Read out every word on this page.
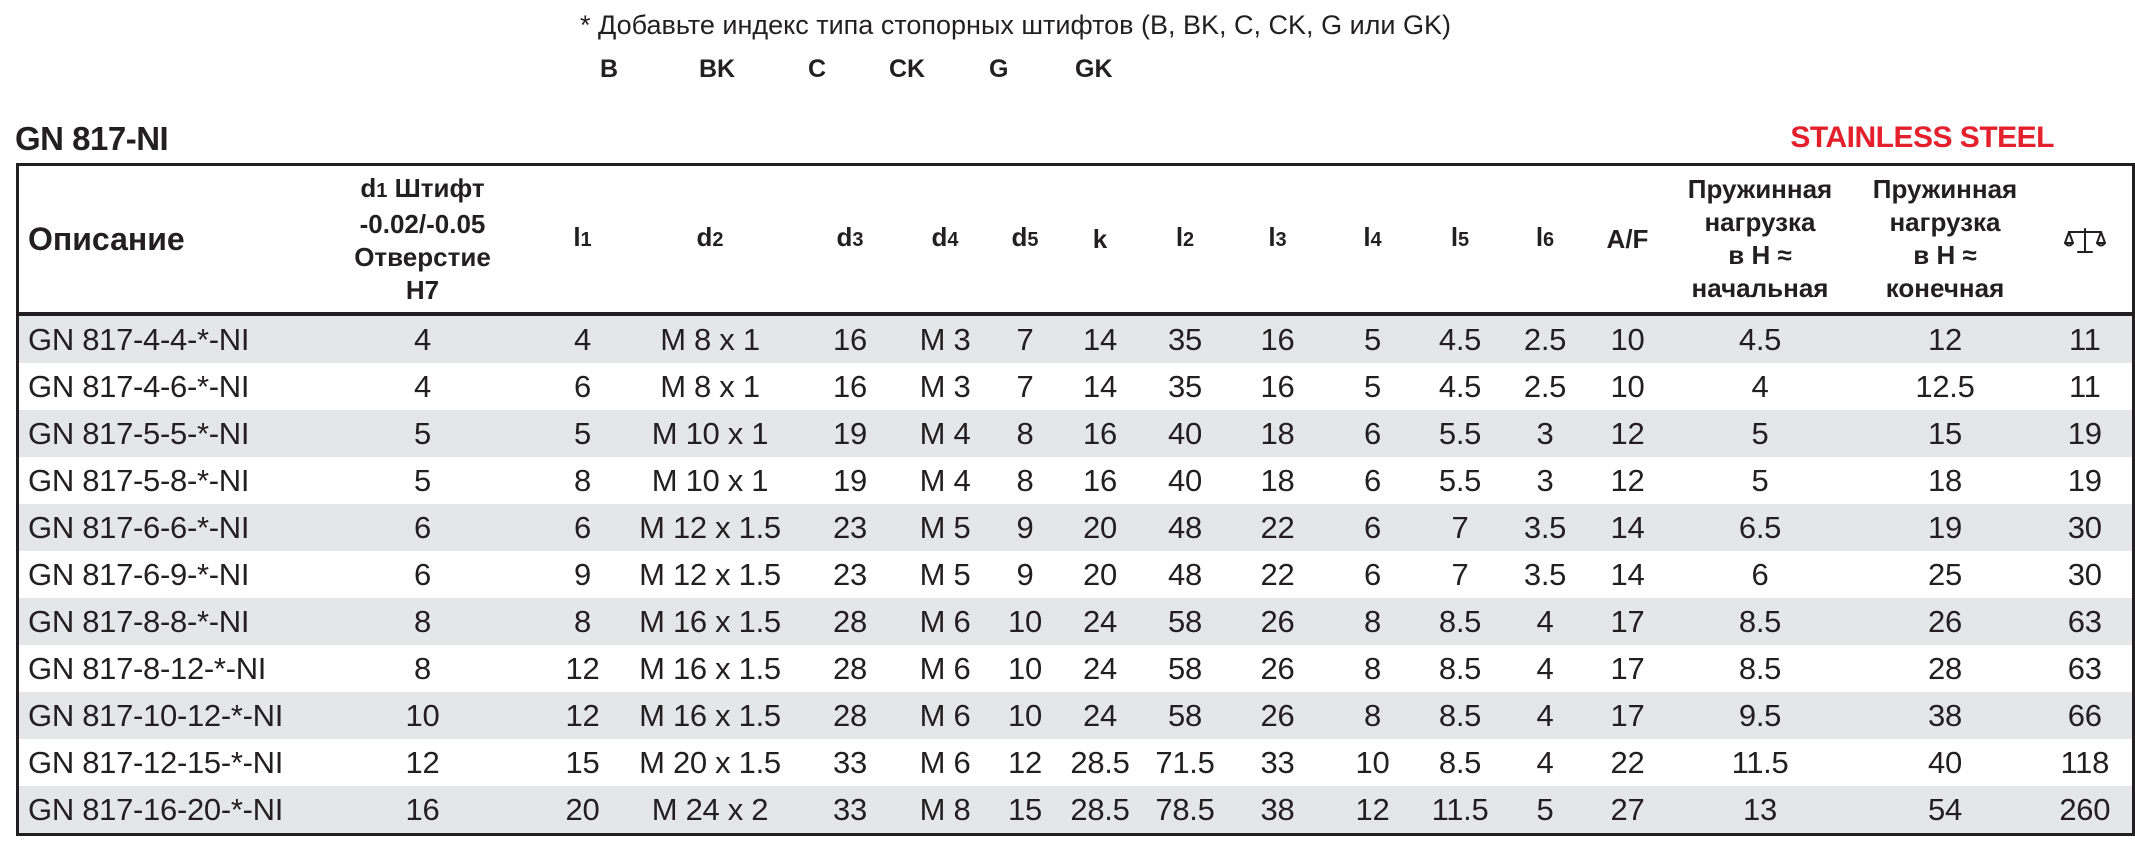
* Добавьте индекс типа стопорных штифтов (B, BK, C, CK, G или GK)
B	BK	C	CK	G	GK
GN 817-NI	STAINLESS STEEL
Описание	d1 Штифт
-0.02/-0.05
Отверстие
H7	l1	d2	d3	d4	d5	k	l2	l3	l4	l5	l6	A/F	Пружинная
нагрузка
в Н ≈
начальная	Пружинная
нагрузка
в Н ≈
конечная	
GN 817-4-4-*-NI	4	4	M 8 x 1	16	M 3	7	14	35	16	5	4.5	2.5	10	4.5	12	11
GN 817-4-6-*-NI	4	6	M 8 x 1	16	M 3	7	14	35	16	5	4.5	2.5	10	4	12.5	11
GN 817-5-5-*-NI	5	5	M 10 x 1	19	M 4	8	16	40	18	6	5.5	3	12	5	15	19
GN 817-5-8-*-NI	5	8	M 10 x 1	19	M 4	8	16	40	18	6	5.5	3	12	5	18	19
GN 817-6-6-*-NI	6	6	M 12 x 1.5	23	M 5	9	20	48	22	6	7	3.5	14	6.5	19	30
GN 817-6-9-*-NI	6	9	M 12 x 1.5	23	M 5	9	20	48	22	6	7	3.5	14	6	25	30
GN 817-8-8-*-NI	8	8	M 16 x 1.5	28	M 6	10	24	58	26	8	8.5	4	17	8.5	26	63
GN 817-8-12-*-NI	8	12	M 16 x 1.5	28	M 6	10	24	58	26	8	8.5	4	17	8.5	28	63
GN 817-10-12-*-NI	10	12	M 16 x 1.5	28	M 6	10	24	58	26	8	8.5	4	17	9.5	38	66
GN 817-12-15-*-NI	12	15	M 20 x 1.5	33	M 6	12	28.5	71.5	33	10	8.5	4	22	11.5	40	118
GN 817-16-20-*-NI	16	20	M 24 x 2	33	M 8	15	28.5	78.5	38	12	11.5	5	27	13	54	260
